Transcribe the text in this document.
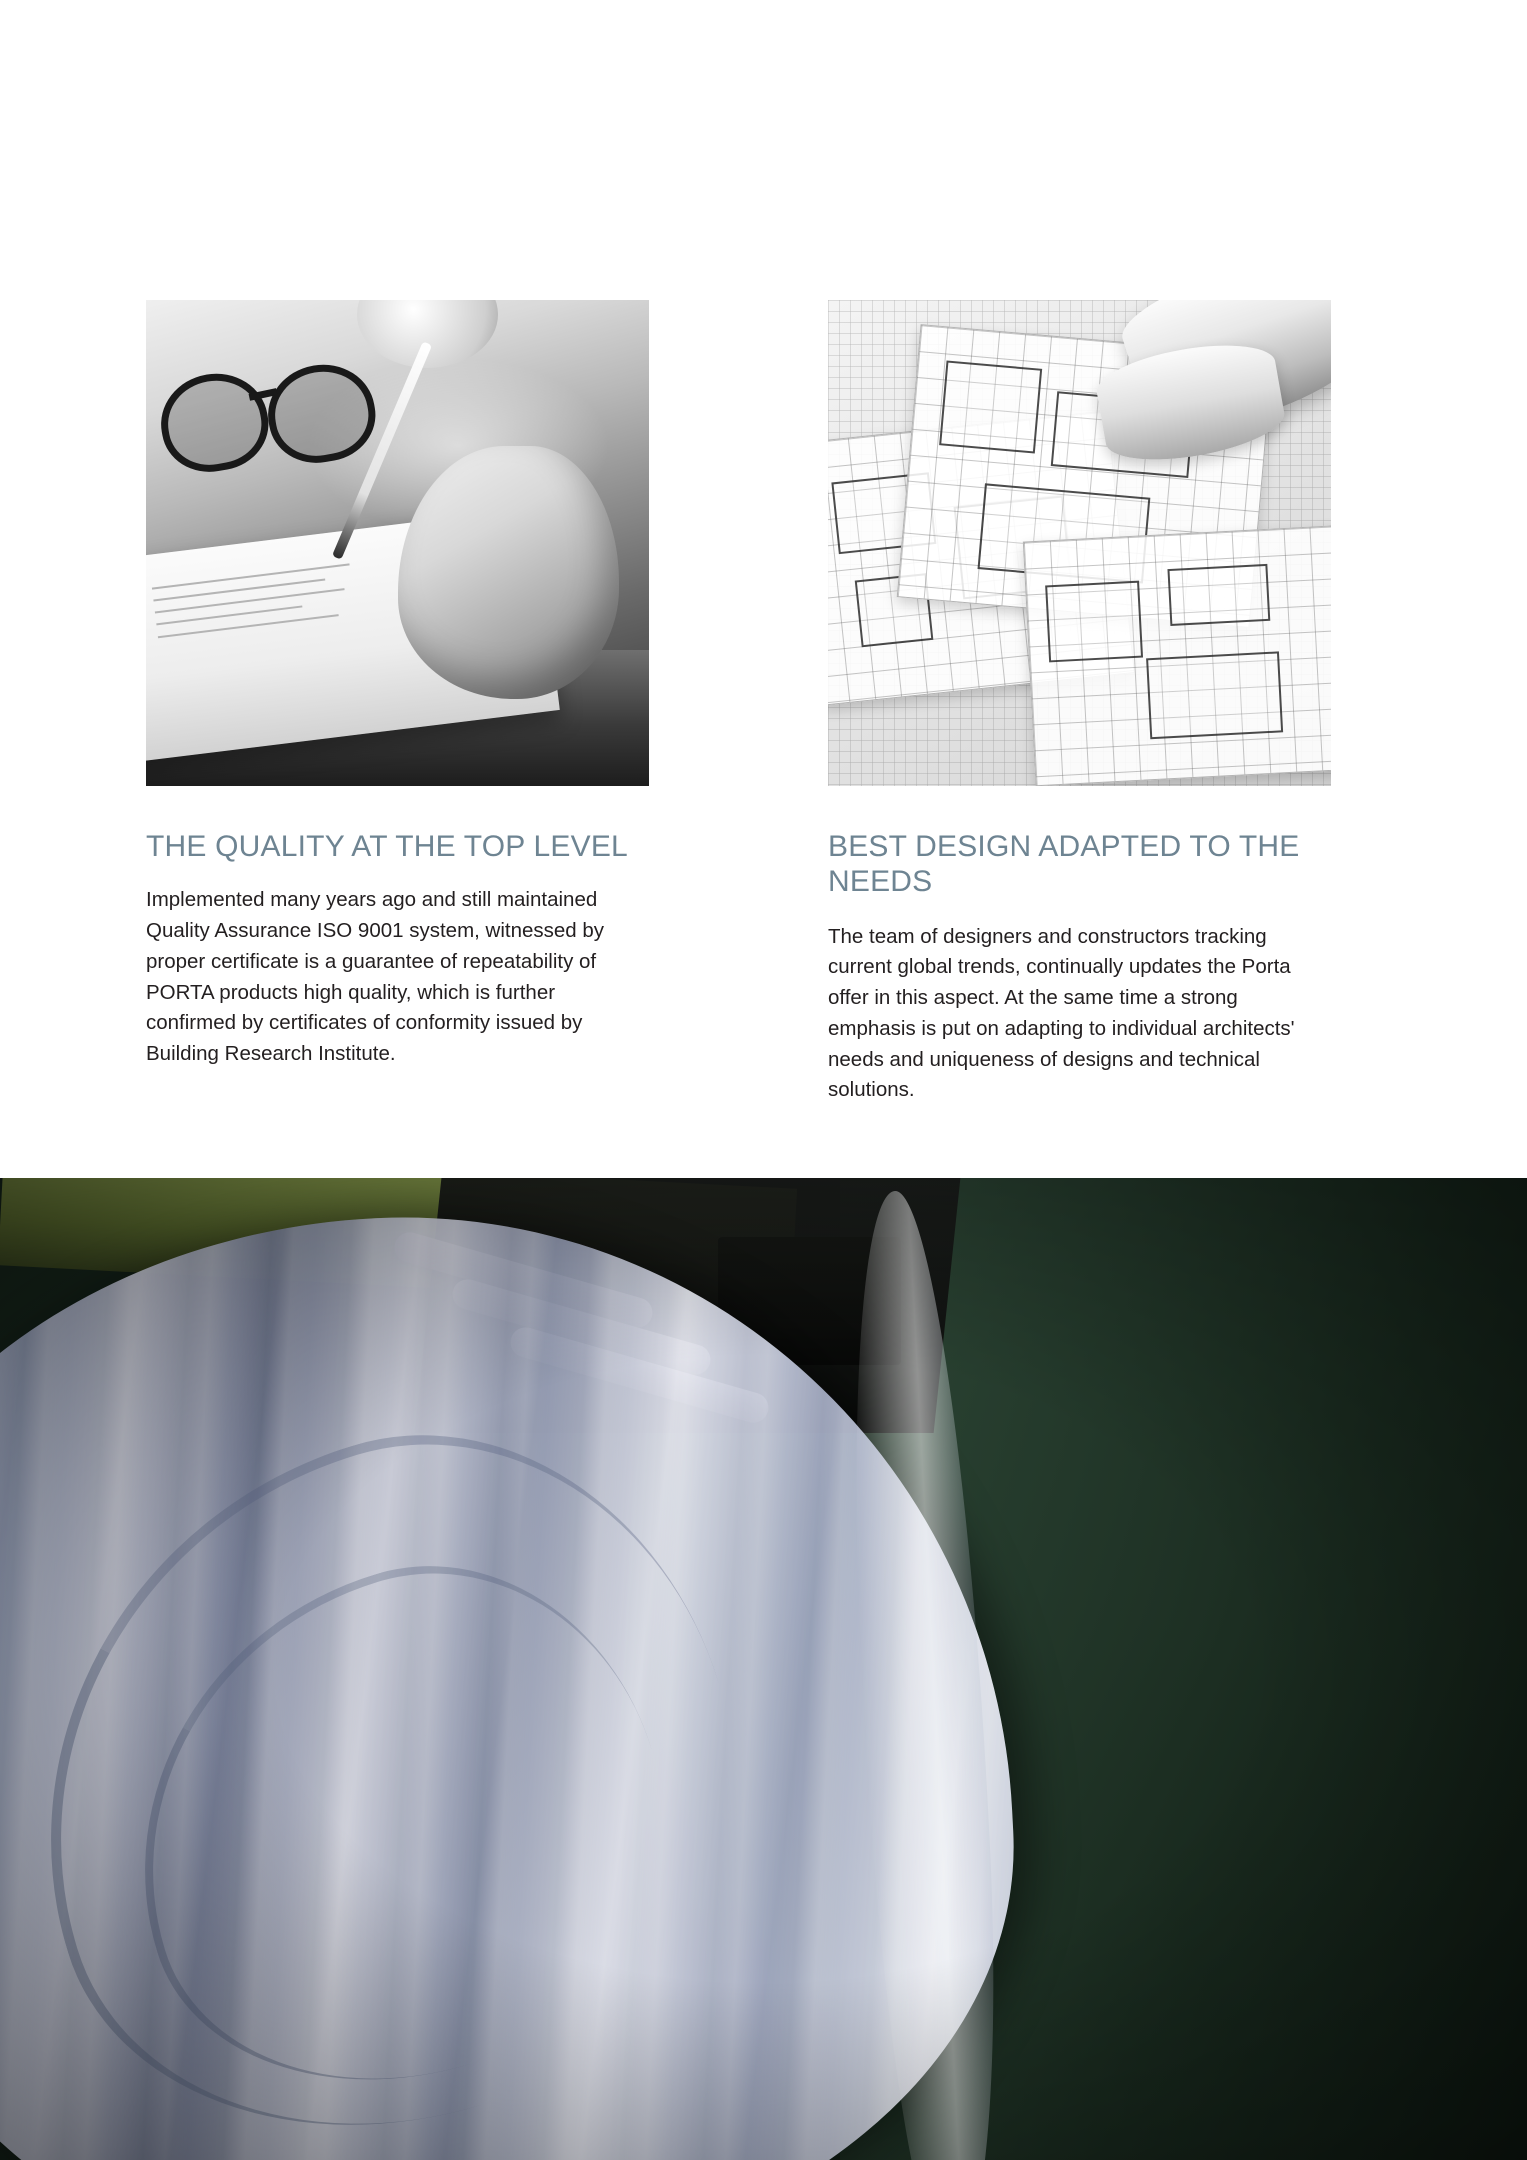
THE QUALITY AT THE TOP LEVEL

Implemented many years ago and still maintained Quality Assurance ISO 9001 system, witnessed by proper certificate is a guarantee of repeatability of PORTA products high quality, which is further confirmed by certificates of conformity issued by Building Research Institute.

BEST DESIGN ADAPTED TO THE NEEDS

The team of designers and constructors tracking current global trends, continually updates the Porta offer in this aspect. At the same time a strong emphasis is put on adapting to individual architects' needs and uniqueness of designs and technical solutions.
